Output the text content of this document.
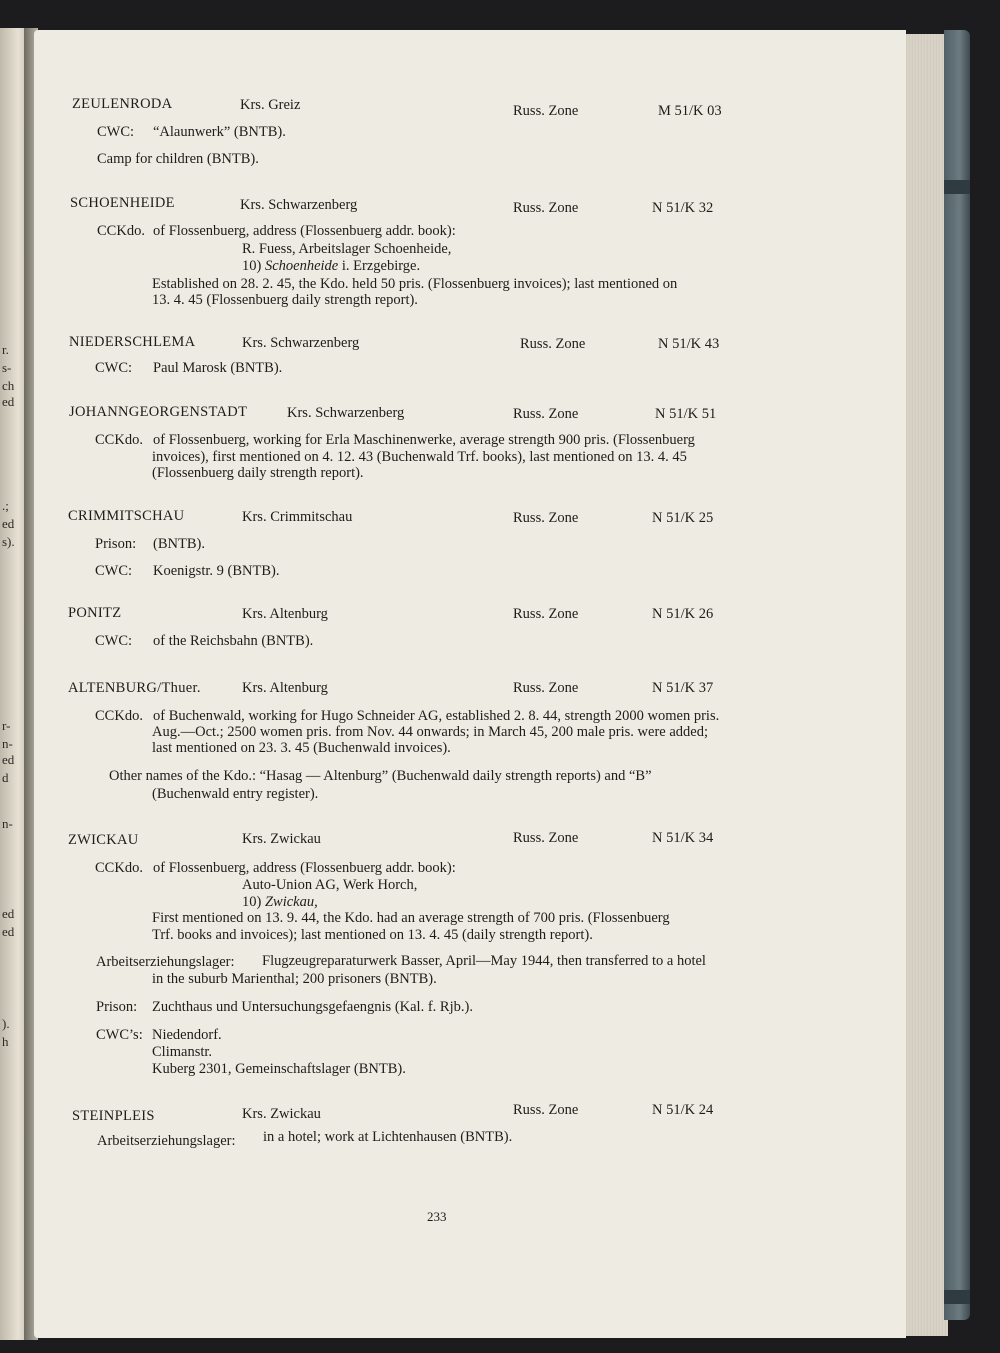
r.
s-
ch
ed
.;
ed
s).
r-
n-
ed
d
n-
ed
ed
).
h
ZEULENRODA	Krs. Greiz	Russ. Zone	M 51/K 03
CWC: “Alaunwerk” (BNTB).
Camp for children (BNTB).
SCHOENHEIDE	Krs. Schwarzenberg	Russ. Zone	N 51/K 32
CCKdo. of Flossenbuerg, address (Flossenbuerg addr. book):
R. Fuess, Arbeitslager Schoenheide,
10) Schoenheide i. Erzgebirge.
Established on 28. 2. 45, the Kdo. held 50 pris. (Flossenbuerg invoices); last mentioned on
13. 4. 45 (Flossenbuerg daily strength report).
NIEDERSCHLEMA	Krs. Schwarzenberg	Russ. Zone	N 51/K 43
CWC: Paul Marosk (BNTB).
JOHANNGEORGENSTADT	Krs. Schwarzenberg	Russ. Zone	N 51/K 51
CCKdo. of Flossenbuerg, working for Erla Maschinenwerke, average strength 900 pris. (Flossenbuerg
invoices), first mentioned on 4. 12. 43 (Buchenwald Trf. books), last mentioned on 13. 4. 45
(Flossenbuerg daily strength report).
CRIMMITSCHAU	Krs. Crimmitschau	Russ. Zone	N 51/K 25
Prison: (BNTB).
CWC: Koenigstr. 9 (BNTB).
PONITZ	Krs. Altenburg	Russ. Zone	N 51/K 26
CWC: of the Reichsbahn (BNTB).
ALTENBURG/Thuer.	Krs. Altenburg	Russ. Zone	N 51/K 37
CCKdo. of Buchenwald, working for Hugo Schneider AG, established 2. 8. 44, strength 2000 women pris.
Aug.—Oct.; 2500 women pris. from Nov. 44 onwards; in March 45, 200 male pris. were added;
last mentioned on 23. 3. 45 (Buchenwald invoices).
Other names of the Kdo.: “Hasag — Altenburg” (Buchenwald daily strength reports) and “B”
(Buchenwald entry register).
ZWICKAU	Krs. Zwickau	Russ. Zone	N 51/K 34
CCKdo. of Flossenbuerg, address (Flossenbuerg addr. book):
Auto-Union AG, Werk Horch,
10) Zwickau,
First mentioned on 13. 9. 44, the Kdo. had an average strength of 700 pris. (Flossenbuerg
Trf. books and invoices); last mentioned on 13. 4. 45 (daily strength report).
Arbeitserziehungslager: Flugzeugreparaturwerk Basser, April—May 1944, then transferred to a hotel
in the suburb Marienthal; 200 prisoners (BNTB).
Prison: Zuchthaus und Untersuchungsgefaengnis (Kal. f. Rjb.).
CWC’s: Niedendorf.
Climanstr.
Kuberg 2301, Gemeinschaftslager (BNTB).
STEINPLEIS	Krs. Zwickau	Russ. Zone	N 51/K 24
Arbeitserziehungslager: in a hotel; work at Lichtenhausen (BNTB).
233
